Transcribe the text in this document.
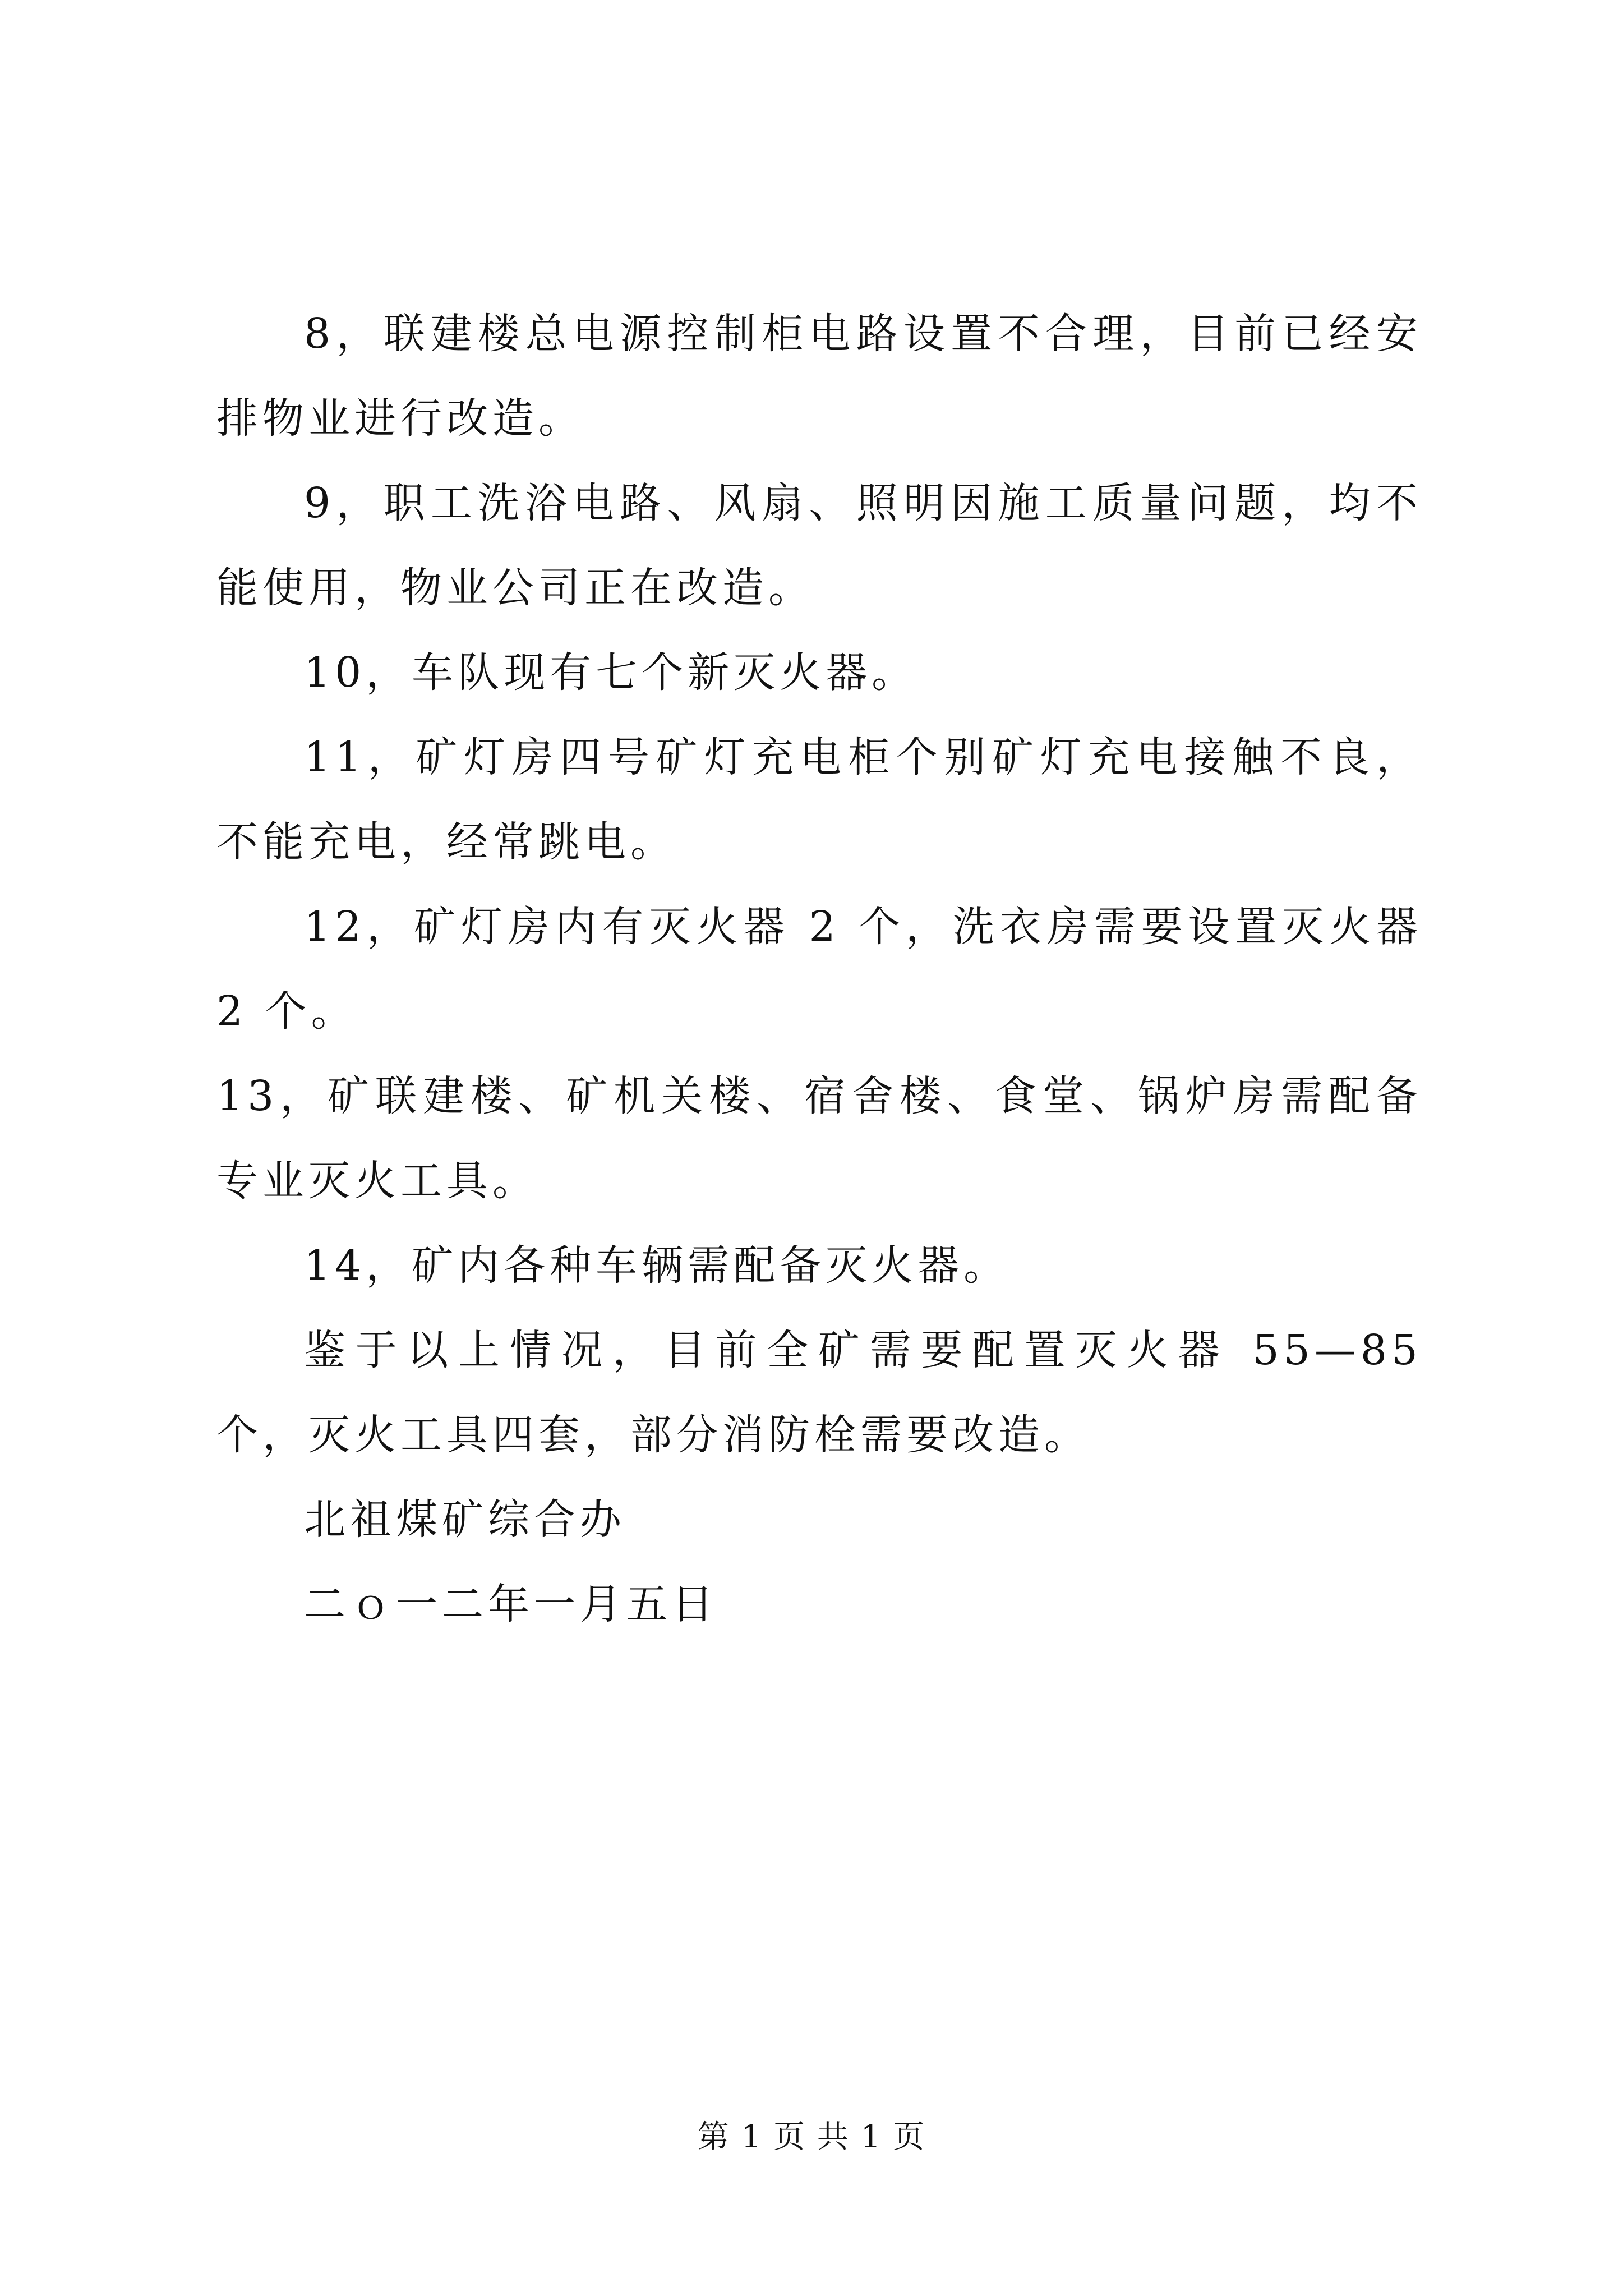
8，联建楼总电源控制柜电路设置不合理，目前已经安排物业进行改造。

9，职工洗浴电路、风扇、照明因施工质量问题，均不能使用，物业公司正在改造。

10，车队现有七个新灭火器。

11，矿灯房四号矿灯充电柜个别矿灯充电接触不良，不能充电，经常跳电。

12，矿灯房内有灭火器 2 个，洗衣房需要设置灭火器 2 个。

13，矿联建楼、矿机关楼、宿舍楼、食堂、锅炉房需配备专业灭火工具。

14，矿内各种车辆需配备灭火器。

鉴于以上情况，目前全矿需要配置灭火器 55—85 个，灭火工具四套，部分消防栓需要改造。

北祖煤矿综合办

二ｏ一二年一月五日

第 1 页 共 1 页
